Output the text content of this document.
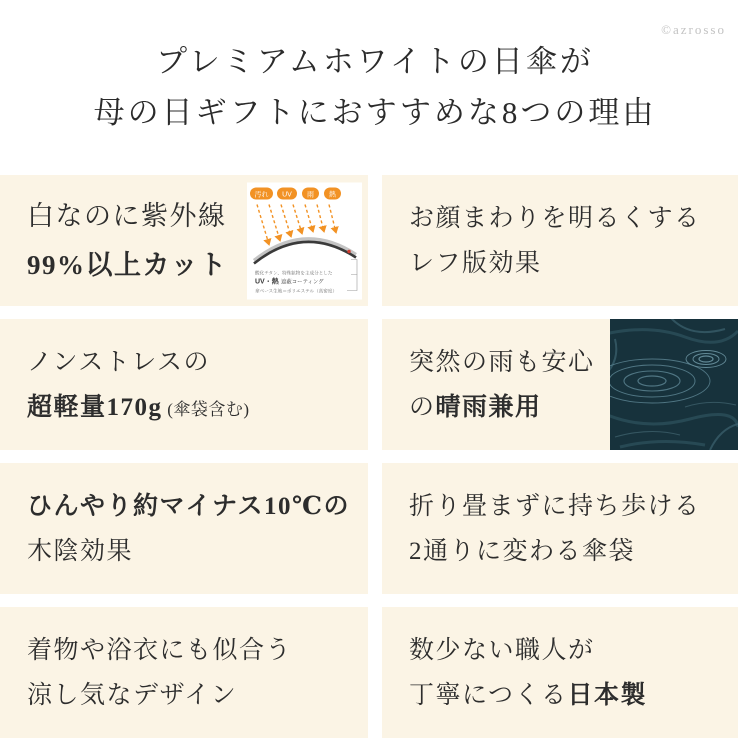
©azrosso
プレミアムホワイトの日傘が
母の日ギフトにおすすめな8つの理由
白なのに紫外線
99%以上カット
汚れ UV 雨 熱
酸化チタン、特殊鉱物を主成分とした
UV・熱 遮蔽コーティング
傘ベース生地＝ポリエステル（高密度）
お顔まわりを明るくする
レフ版効果
ノンストレスの
超軽量170g (傘袋含む)
突然の雨も安心
の晴雨兼用
ひんやり約マイナス10℃の
木陰効果
折り畳まずに持ち歩ける
2通りに変わる傘袋
着物や浴衣にも似合う
涼し気なデザイン
数少ない職人が
丁寧につくる日本製
